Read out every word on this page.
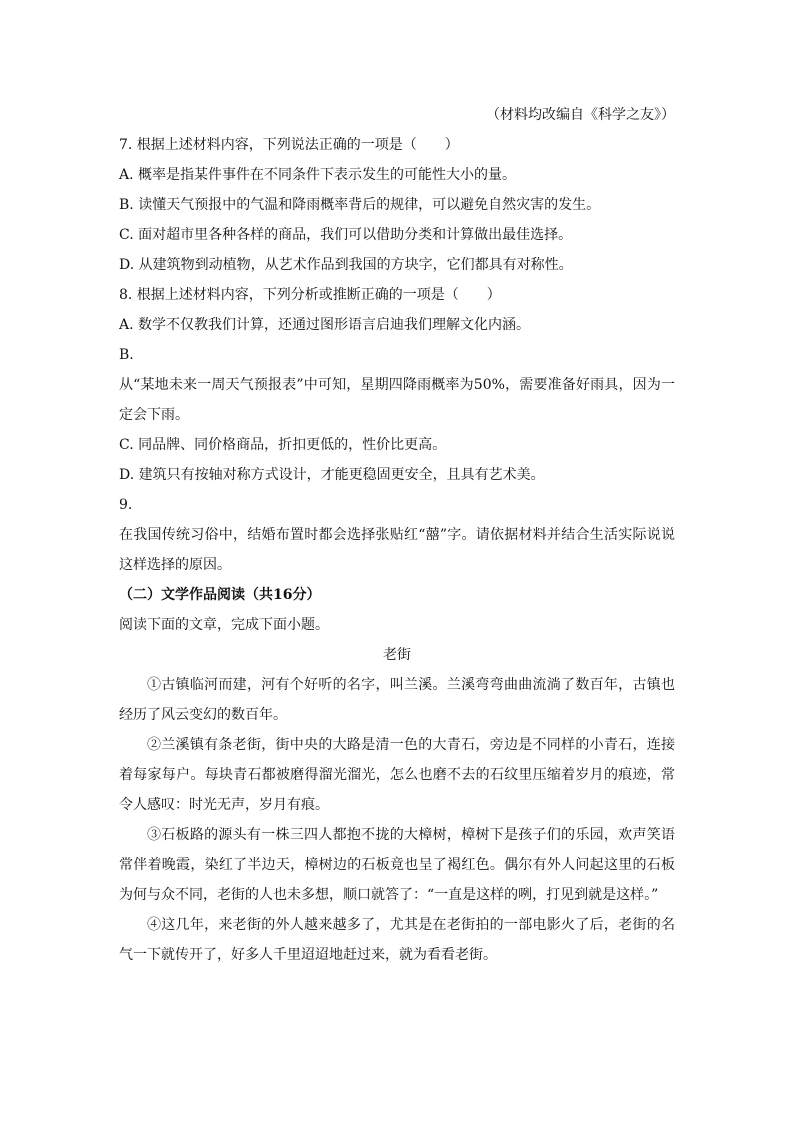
（材料均改编自《科学之友》）

7. 根据上述材料内容，下列说法正确的一项是（　　）

A. 概率是指某件事件在不同条件下表示发生的可能性大小的量。

B. 读懂天气预报中的气温和降雨概率背后的规律，可以避免自然灾害的发生。

C. 面对超市里各种各样的商品，我们可以借助分类和计算做出最佳选择。

D. 从建筑物到动植物，从艺术作品到我国的方块字，它们都具有对称性。

8. 根据上述材料内容，下列分析或推断正确的一项是（　　）

A. 数学不仅教我们计算，还通过图形语言启迪我们理解文化内涵。

B.

从“某地未来一周天气预报表”中可知，星期四降雨概率为50%，需要准备好雨具，因为一定会下雨。

C. 同品牌、同价格商品，折扣更低的，性价比更高。

D. 建筑只有按轴对称方式设计，才能更稳固更安全，且具有艺术美。

9.

在我国传统习俗中，结婚布置时都会选择张贴红“囍”字。请依据材料并结合生活实际说说这样选择的原因。

（二）文学作品阅读（共16分）

阅读下面的文章，完成下面小题。

老街

①古镇临河而建，河有个好听的名字，叫兰溪。兰溪弯弯曲曲流淌了数百年，古镇也经历了风云变幻的数百年。

②兰溪镇有条老街，街中央的大路是清一色的大青石，旁边是不同样的小青石，连接着每家每户。每块青石都被磨得溜光溜光，怎么也磨不去的石纹里压缩着岁月的痕迹，常令人感叹：时光无声，岁月有痕。

③石板路的源头有一株三四人都抱不拢的大樟树，樟树下是孩子们的乐园，欢声笑语常伴着晚霞，染红了半边天，樟树边的石板竟也呈了褐红色。偶尔有外人问起这里的石板为何与众不同，老街的人也未多想，顺口就答了：“一直是这样的咧，打见到就是这样。”

④这几年，来老街的外人越来越多了，尤其是在老街拍的一部电影火了后，老街的名气一下就传开了，好多人千里迢迢地赶过来，就为看看老街。
